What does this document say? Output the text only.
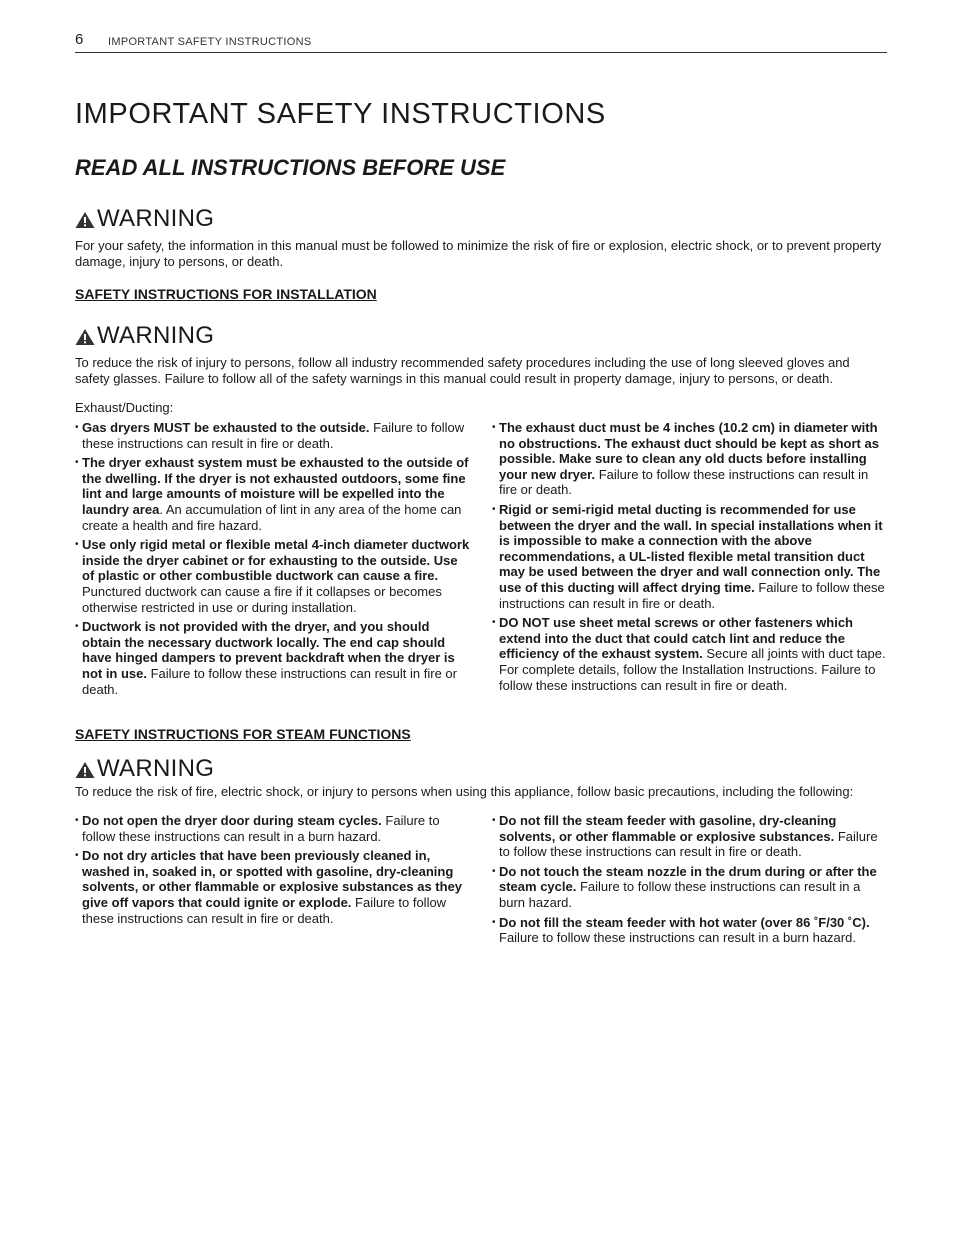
6 IMPORTANT SAFETY INSTRUCTIONS
IMPORTANT SAFETY INSTRUCTIONS
READ ALL INSTRUCTIONS BEFORE USE
WARNING

For your safety, the information in this manual must be followed to minimize the risk of fire or explosion, electric shock, or to prevent property damage, injury to persons, or death.

SAFETY INSTRUCTIONS FOR INSTALLATION
WARNING

To reduce the risk of injury to persons, follow all industry recommended safety procedures including the use of long sleeved gloves and safety glasses. Failure to follow all of the safety warnings in this manual could result in property damage, injury to persons, or death.

Exhaust/Ducting:

• Gas dryers MUST be exhausted to the outside. Failure to follow these instructions can result in fire or death.
• The dryer exhaust system must be exhausted to the outside of the dwelling. If the dryer is not exhausted outdoors, some fine lint and large amounts of moisture will be expelled into the laundry area. An accumulation of lint in any area of the home can create a health and fire hazard.
• Use only rigid metal or flexible metal 4-inch diameter ductwork inside the dryer cabinet or for exhausting to the outside. Use of plastic or other combustible ductwork can cause a fire. Punctured ductwork can cause a fire if it collapses or becomes otherwise restricted in use or during installation.
• Ductwork is not provided with the dryer, and you should obtain the necessary ductwork locally. The end cap should have hinged dampers to prevent backdraft when the dryer is not in use. Failure to follow these instructions can result in fire or death.
• The exhaust duct must be 4 inches (10.2 cm) in diameter with no obstructions. The exhaust duct should be kept as short as possible. Make sure to clean any old ducts before installing your new dryer. Failure to follow these instructions can result in fire or death.
• Rigid or semi-rigid metal ducting is recommended for use between the dryer and the wall. In special installations when it is impossible to make a connection with the above recommendations, a UL-listed flexible metal transition duct may be used between the dryer and wall connection only. The use of this ducting will affect drying time. Failure to follow these instructions can result in fire or death.
• DO NOT use sheet metal screws or other fasteners which extend into the duct that could catch lint and reduce the efficiency of the exhaust system. Secure all joints with duct tape. For complete details, follow the Installation Instructions. Failure to follow these instructions can result in fire or death.
SAFETY INSTRUCTIONS FOR STEAM FUNCTIONS
WARNING

To reduce the risk of fire, electric shock, or injury to persons when using this appliance, follow basic precautions, including the following:

• Do not open the dryer door during steam cycles. Failure to follow these instructions can result in a burn hazard.
• Do not dry articles that have been previously cleaned in, washed in, soaked in, or spotted with gasoline, dry-cleaning solvents, or other flammable or explosive substances as they give off vapors that could ignite or explode. Failure to follow these instructions can result in fire or death.
• Do not fill the steam feeder with gasoline, dry-cleaning solvents, or other flammable or explosive substances. Failure to follow these instructions can result in fire or death.
• Do not touch the steam nozzle in the drum during or after the steam cycle. Failure to follow these instructions can result in a burn hazard.
• Do not fill the steam feeder with hot water (over 86 ˚F/30 ˚C). Failure to follow these instructions can result in a burn hazard.
